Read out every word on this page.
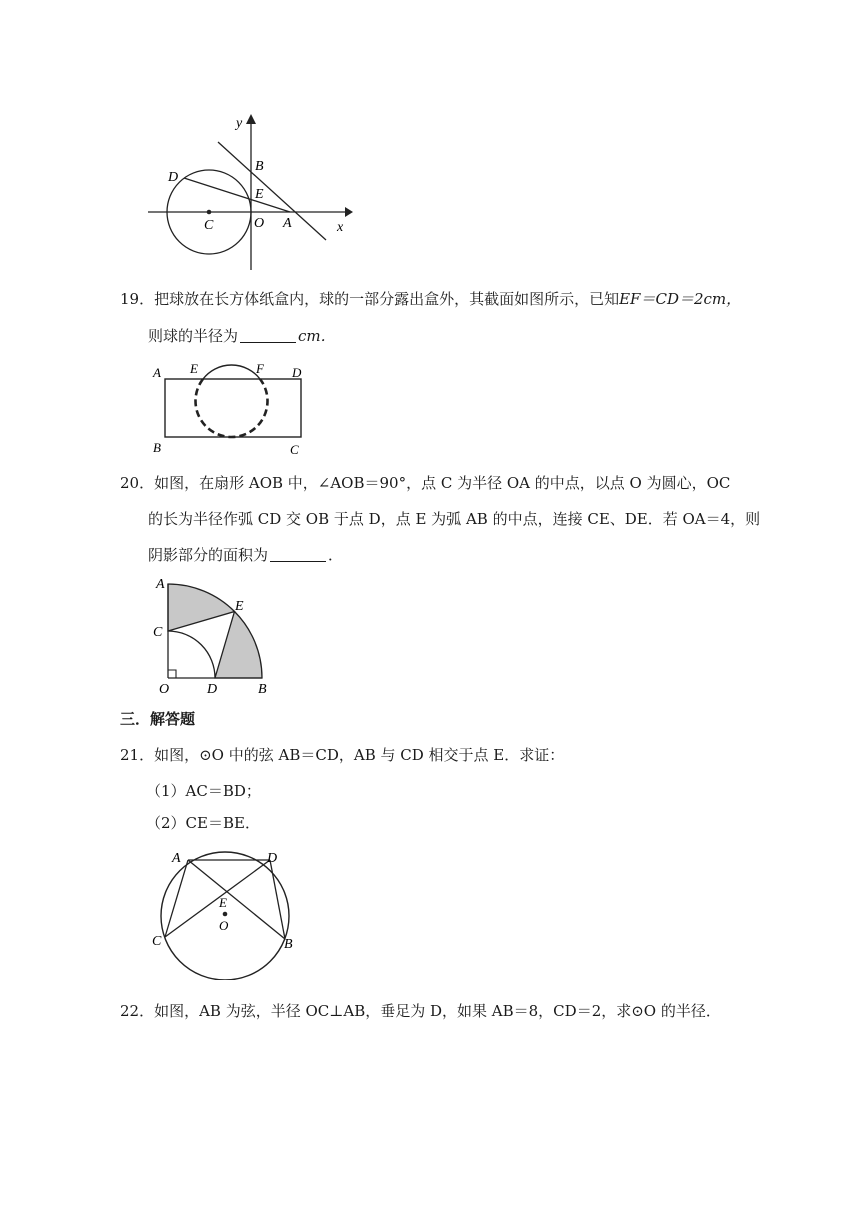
y
x
B
D
E
C	O A
19．把球放在长方体纸盒内，球的一部分露出盒外，其截面如图所示，已知EF＝CD＝2cm，
则球的半径为	cm．
A E	F D
B	C
20．如图，在扇形 AOB 中，∠AOB＝90°，点 C 为半径 OA 的中点，以点 O 为圆心，OC
的长为半径作弧 CD 交 OB 于点 D，点 E 为弧 AB 的中点，连接 CE、DE．若 OA＝4，则
阴影部分的面积为	．
A
E
C
O	D	B
三．解答题
21．如图，⊙O 中的弦 AB＝CD，AB 与 CD 相交于点 E．求证：
（1）AC＝BD；
（2）CE＝BE．
A	D
E
O
C	B
22．如图，AB 为弦，半径 OC⊥AB，垂足为 D，如果 AB＝8，CD＝2，求⊙O 的半径．
